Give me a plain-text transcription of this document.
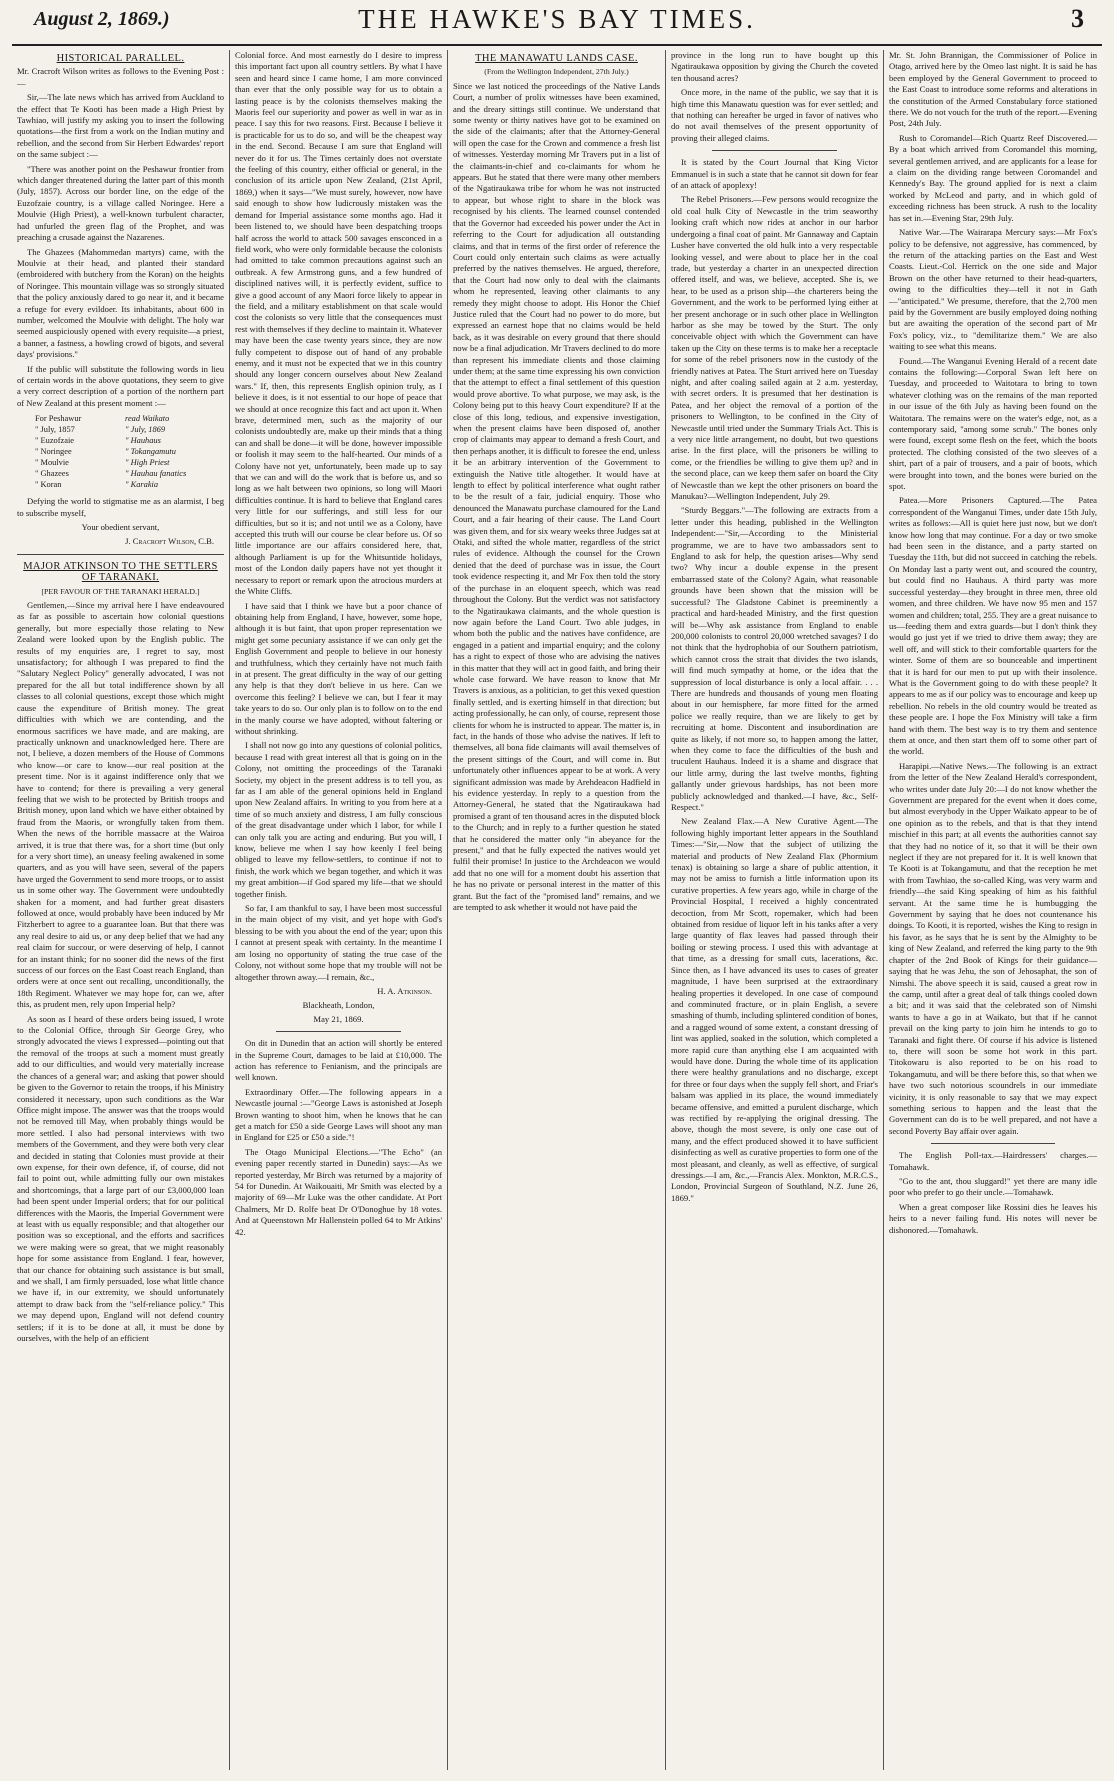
August 2, 1869.)	THE HAWKE'S BAY TIMES.	3
HISTORICAL PARALLEL.

Mr. Cracroft Wilson writes as follows to the Evening Post :—

Sir,—The late news which has arrived from Auckland to the effect that Te Kooti has been made a High Priest by Tawhiao, will justify my asking you to insert the following quotations—the first from a work on the Indian mutiny and rebellion, and the second from Sir Herbert Edwardes' report on the same subject :—

"There was another point on the Peshawur frontier from which danger threatened during the latter part of this month (July, 1857). Across our border line, on the edge of the Euzofzaie country, is a village called Noringee. Here a Moulvie (High Priest), a well-known turbulent character, had unfurled the green flag of the Prophet, and was preaching a crusade against the Nazarenes.

The Ghazees (Mahommedan martyrs) came, with the Moulvie at their head, and planted their standard (embroidered with butchery from the Koran) on the heights of Noringee. This mountain village was so strongly situated that the policy anxiously dared to go near it, and it became a refuge for every evildoer. Its inhabitants, about 600 in number, welcomed the Moulvie with delight. The holy war seemed auspiciously opened with every requisite—a priest, a banner, a fastness, a howling crowd of bigots, and several days' provisions."

If the public will substitute the following words in lieu of certain words in the above quotations, they seem to give a very correct description of a portion of the northern part of New Zealand at this present moment :—

For Peshawur	read Waikato
" July, 1857	" July, 1869
" Euzofzaie	" Hauhaus
" Noringee	" Tokangamutu
" Moulvie	" High Priest
" Ghazees	" Hauhau fanatics
" Koran	" Karakia

Defying the world to stigmatise me as an alarmist, I beg to subscribe myself,

Your obedient servant,
J. Cracroft Wilson, C.B.
MAJOR ATKINSON TO THE SETTLERS OF TARANAKI.
[PER FAVOUR OF THE TARANAKI HERALD.]

Gentlemen,—Since my arrival here I have endeavoured as far as possible to ascertain how colonial questions generally, but more especially those relating to New Zealand were looked upon by the English public. The results of my enquiries are, I regret to say, most unsatisfactory; for although I was prepared to find the "Salutary Neglect Policy" generally advocated, I was not prepared for the all but total indifference shown by all classes to all colonial questions, except those which might cause the expenditure of British money. The great difficulties with which we are contending, and the enormous sacrifices we have made, and are making, are practically unknown and unacknowledged here. There are not, I believe, a dozen members of the House of Commons who know—or care to know—our real position at the present time. Nor is it against indifference only that we have to contend; for there is prevailing a very general feeling that we wish to be protected by British troops and British money, upon land which we have either obtained by fraud from the Maoris, or wrongfully taken from them. When the news of the horrible massacre at the Wairoa arrived, it is true that there was, for a short time (but only for a very short time), an uneasy feeling awakened in some quarters, and as you will have seen, several of the papers have urged the Government to send more troops, or to assist us in some other way. The Government were undoubtedly shaken for a moment, and had further great disasters followed at once, would probably have been induced by Mr Fitzherbert to agree to a guarantee loan. But that there was any real desire to aid us, or any deep belief that we had any real claim for succour, or were deserving of help, I cannot for an instant think; for no sooner did the news of the first success of our forces on the East Coast reach England, than orders were at once sent out recalling, unconditionally, the 18th Regiment. Whatever we may hope for, can we, after this, as prudent men, rely upon Imperial help?

As soon as I heard of these orders being issued, I wrote to the Colonial Office, through Sir George Grey, who strongly advocated the views I expressed—pointing out that the removal of the troops at such a moment must greatly add to our difficulties, and would very materially increase the chances of a general war; and asking that power should be given to the Governor to retain the troops, if his Ministry considered it necessary, upon such conditions as the War Office might impose. The answer was that the troops would not be removed till May, when probably things would be more settled. I also had personal interviews with two members of the Government, and they were both very clear and decided in stating that Colonies must provide at their own expense, for their own defence, if, of course, did not fail to point out, while admitting fully our own mistakes and shortcomings, that a large part of our £3,000,000 loan had been spent under Imperial orders; that for our political differences with the Maoris, the Imperial Government were at least with us equally responsible; and that altogether our position was so exceptional, and the efforts and sacrifices we were making were so great, that we might reasonably hope for some assistance from England. I fear, however, that our chance for obtaining such assistance is but small, and we shall, I am firmly persuaded, lose what little chance we have if, in our extremity, we should unfortunately attempt to draw back from the "self-reliance policy." This we may depend upon, England will not defend country settlers; if it is to be done at all, it must be done by ourselves, with the help of an efficient

Colonial force. And most earnestly do I desire to impress this important fact upon all country settlers. By what I have seen and heard since I came home, I am more convinced than ever that the only possible way for us to obtain a lasting peace is by the colonists themselves making the Maoris feel our superiority and power as well in war as in peace. I say this for two reasons. First. Because I believe it is practicable for us to do so, and will be the cheapest way in the end. Second. Because I am sure that England will never do it for us. The Times certainly does not overstate the feeling of this country, either official or general, in the conclusion of its article upon New Zealand, (21st April, 1869,) when it says—"We must surely, however, now have said enough to show how ludicrously mistaken was the demand for Imperial assistance some months ago. Had it been listened to, we should have been despatching troops half across the world to attack 500 savages ensconced in a field work, who were only formidable because the colonists had omitted to take common precautions against such an outbreak. A few Armstrong guns, and a few hundred of disciplined natives will, it is perfectly evident, suffice to give a good account of any Maori force likely to appear in the field, and a military establishment on that scale would cost the colonists so very little that the consequences must rest with themselves if they decline to maintain it. Whatever may have been the case twenty years since, they are now fully competent to dispose out of hand of any probable enemy, and it must not be expected that we in this country should any longer concern ourselves about New Zealand wars." If, then, this represents English opinion truly, as I believe it does, is it not essential to our hope of peace that we should at once recognize this fact and act upon it. When brave, determined men, such as the majority of our colonists undoubtedly are, make up their minds that a thing can and shall be done—it will be done, however impossible or foolish it may seem to the half-hearted. Our minds of a Colony have not yet, unfortunately, been made up to say that we can and will do the work that is before us, and so long as we halt between two opinions, so long will Maori difficulties continue. It is hard to believe that England cares very little for our sufferings, and still less for our difficulties, but so it is; and not until we as a Colony, have accepted this truth will our course be clear before us. Of so little importance are our affairs considered here, that, although Parliament is up for the Whitsuntide holidays, most of the London daily papers have not yet thought it necessary to report or remark upon the atrocious murders at the White Cliffs.

I have said that I think we have but a poor chance of obtaining help from England, I have, however, some hope, although it is but faint, that upon proper representation we might get some pecuniary assistance if we can only get the English Government and people to believe in our honesty and truthfulness, which they certainly have not much faith in at present. The great difficulty in the way of our getting any help is that they don't believe in us here. Can we overcome this feeling? I believe we can, but I fear it may take years to do so. Our only plan is to follow on to the end in the manly course we have adopted, without faltering or without shrinking.

I shall not now go into any questions of colonial politics, because I read with great interest all that is going on in the Colony, not omitting the proceedings of the Taranaki Society, my object in the present address is to tell you, as far as I am able of the general opinions held in England upon New Zealand affairs. In writing to you from here at a time of so much anxiety and distress, I am fully conscious of the great disadvantage under which I labor, for while I can only talk you are acting and enduring. But you will, I know, believe me when I say how keenly I feel being obliged to leave my fellow-settlers, to continue if not to finish, the work which we began together, and which it was my great ambition—if God spared my life—that we should together finish.

So far, I am thankful to say, I have been most successful in the main object of my visit, and yet hope with God's blessing to be with you about the end of the year; upon this I cannot at present speak with certainty. In the meantime I am losing no opportunity of stating the true case of the Colony, not without some hope that my trouble will not be altogether thrown away.—I remain, &c.,

H. A. Atkinson.
Blackheath, London,
May 21, 1869.

On dit in Dunedin that an action will shortly be entered in the Supreme Court, damages to be laid at £10,000. The action has reference to Fenianism, and the principals are well known.

Extraordinary Offer.—The following appears in a Newcastle journal :—"George Laws is astonished at Joseph Brown wanting to shoot him, when he knows that he can get a match for £50 a side George Laws will shoot any man in England for £25 or £50 a side."!

The Otago Municipal Elections.—"The Echo" (an evening paper recently started in Dunedin) says:—As we reported yesterday, Mr Birch was returned by a majority of 54 for Dunedin. At Waikouaiti, Mr Smith was elected by a majority of 69—Mr Luke was the other candidate. At Port Chalmers, Mr D. Rolfe beat Dr O'Donoghue by 18 votes. And at Queenstown Mr Hallenstein polled 64 to Mr Atkins' 42.

THE MANAWATU LANDS CASE.
(From the Wellington Independent, 27th July.)

Since we last noticed the proceedings of the Native Lands Court, a number of prolix witnesses have been examined, and the dreary sittings still continue. We understand that some twenty or thirty natives have got to be examined on the side of the claimants; after that the Attorney-General will open the case for the Crown and commence a fresh list of witnesses. Yesterday morning Mr Travers put in a list of the claimants-in-chief and co-claimants for whom he appears. But he stated that there were many other members of the Ngatiraukawa tribe for whom he was not instructed to appear, but whose right to share in the block was recognised by his clients. The learned counsel contended that the Governor had exceeded his power under the Act in referring to the Court for adjudication all outstanding claims, and that in terms of the first order of reference the Court could only entertain such claims as were actually preferred by the natives themselves. He argued, therefore, that the Court had now only to deal with the claimants whom he represented, leaving other claimants to any remedy they might choose to adopt. His Honor the Chief Justice ruled that the Court had no power to do more, but expressed an earnest hope that no claims would be held back, as it was desirable on every ground that there should now be a final adjudication. Mr Travers declined to do more than represent his immediate clients and those claiming under them; at the same time expressing his own conviction that the attempt to effect a final settlement of this question would prove abortive. To what purpose, we may ask, is the Colony being put to this heavy Court expenditure? If at the close of this long, tedious, and expensive investigation, when the present claims have been disposed of, another crop of claimants may appear to demand a fresh Court, and then perhaps another, it is difficult to foresee the end, unless it be an arbitrary intervention of the Government to extinguish the Native title altogether. It would have at length to effect by political interference what ought rather to be the result of a fair, judicial enquiry. Those who denounced the Manawatu purchase clamoured for the Land Court, and a fair hearing of their cause. The Land Court was given them, and for six weary weeks three Judges sat at Otaki, and sifted the whole matter, regardless of the strict rules of evidence. Although the counsel for the Crown denied that the deed of purchase was in issue, the Court took evidence respecting it, and Mr Fox then told the story of the purchase in an eloquent speech, which was read throughout the Colony. But the verdict was not satisfactory to the Ngatiraukawa claimants, and the whole question is now again before the Land Court. Two able judges, in whom both the public and the natives have confidence, are engaged in a patient and impartial enquiry; and the colony has a right to expect of those who are advising the natives in this matter that they will act in good faith, and bring their whole case forward. We have reason to know that Mr Travers is anxious, as a politician, to get this vexed question finally settled, and is exerting himself in that direction; but acting professionally, he can only, of course, represent those clients for whom he is instructed to appear. The matter is, in fact, in the hands of those who advise the natives. If left to themselves, all bona fide claimants will avail themselves of the present sittings of the Court, and will come in. But unfortunately other influences appear to be at work. A very significant admission was made by Arehdeacon Hadfield in his evidence yesterday. In reply to a question from the Attorney-General, he stated that the Ngatiraukawa had promised a grant of ten thousand acres in the disputed block to the Church; and in reply to a further question he stated that he considered the matter only "in abeyance for the present," and that he fully expected the natives would yet fulfil their promise! In justice to the Archdeacon we would add that no one will for a moment doubt his assertion that he has no private or personal interest in the matter of this grant. But the fact of the "promised land" remains, and we are tempted to ask whether it would not have paid the

province in the long run to have bought up this Ngatiraukawa opposition by giving the Church the coveted ten thousand acres?

Once more, in the name of the public, we say that it is high time this Manawatu question was for ever settled; and that nothing can hereafter be urged in favor of natives who do not avail themselves of the present opportunity of proving their alleged claims.

It is stated by the Court Journal that King Victor Emmanuel is in such a state that he cannot sit down for fear of an attack of apoplexy!

The Rebel Prisoners.—Few persons would recognize the old coal hulk City of Newcastle in the trim seaworthy looking craft which now rides at anchor in our harbor undergoing a final coat of paint. Mr Gannaway and Captain Lusher have converted the old hulk into a very respectable looking vessel, and were about to place her in the coal trade, but yesterday a charter in an unexpected direction offered itself, and was, we believe, accepted. She is, we hear, to be used as a prison ship—the charterers being the Government, and the work to be performed lying either at her present anchorage or in such other place in Wellington harbor as she may be towed by the Sturt. The only conceivable object with which the Government can have taken up the City on these terms is to make her a receptacle for some of the rebel prisoners now in the custody of the friendly natives at Patea. The Sturt arrived here on Tuesday night, and after coaling sailed again at 2 a.m. yesterday, with secret orders. It is presumed that her destination is Patea, and her object the removal of a portion of the prisoners to Wellington, to be confined in the City of Newcastle until tried under the Summary Trials Act. This is a very nice little arrangement, no doubt, but two questions arise. In the first place, will the prisoners be willing to come, or the friendlies be willing to give them up? and in the second place, can we keep them safer on board the City of Newcastle than we kept the other prisoners on board the Manukau?—Wellington Independent, July 29.

"Sturdy Beggars."—The following are extracts from a letter under this heading, published in the Wellington Independent:—"Sir,—According to the Ministerial programme, we are to have two ambassadors sent to England to ask for help, the question arises—Why send two? Why incur a double expense in the present embarrassed state of the Colony? Again, what reasonable grounds have been shown that the mission will be successful? The Gladstone Cabinet is preeminently a practical and hard-headed Ministry, and the first question will be—Why ask assistance from England to enable 200,000 colonists to control 20,000 wretched savages? I do not think that the hydrophobia of our Southern patriotism, which cannot cross the strait that divides the two islands, will find much sympathy at home, or the idea that the suppression of local disturbance is only a local affair. . . . There are hundreds and thousands of young men floating about in our hemisphere, far more fitted for the armed police we really require, than we are likely to get by recruiting at home. Discontent and insubordination are quite as likely, if not more so, to happen among the latter, when they come to face the difficulties of the bush and truculent Hauhaus. Indeed it is a shame and disgrace that our little army, during the last twelve months, fighting gallantly under grievous hardships, has not been more publicly acknowledged and thanked.—I have, &c., Self-Respect."

New Zealand Flax.—A New Curative Agent.—The following highly important letter appears in the Southland Times:—"Sir,—Now that the subject of utilizing the material and products of New Zealand Flax (Phormium tenax) is obtaining so large a share of public attention, it may not be amiss to furnish a little information upon its curative properties. A few years ago, while in charge of the Provincial Hospital, I received a highly concentrated decoction, from Mr Scott, ropemaker, which had been obtained from residue of liquor left in his tanks after a very large quantity of flax leaves had passed through their boiling or stewing process. I used this with advantage at that time, as a dressing for small cuts, lacerations, &c. Since then, as I have advanced its uses to cases of greater magnitude, I have been surprised at the extraordinary healing properties it developed. In one case of compound and comminuted fracture, or in plain English, a severe smashing of thumb, including splintered condition of bones, and a ragged wound of some extent, a constant dressing of lint was applied, soaked in the solution, which completed a more rapid cure than anything else I am acquainted with would have done. During the whole time of its application there were healthy granulations and no discharge, except for three or four days when the supply fell short, and Friar's balsam was applied in its place, the wound immediately became offensive, and emitted a purulent discharge, which was rectified by re-applying the original dressing. The above, though the most severe, is only one case out of many, and the effect produced showed it to have sufficient disinfecting as well as curative properties to form one of the most pleasant, and cleanly, as well as effective, of surgical dressings.—I am, &c.,—Francis Alex. Monkton, M.R.C.S., London, Provincial Surgeon of Southland, N.Z. June 26, 1869."

Mr. St. John Brannigan, the Commissioner of Police in Otago, arrived here by the Omeo last night. It is said he has been employed by the General Government to proceed to the East Coast to introduce some reforms and alterations in the constitution of the Armed Constabulary force stationed there. We do not vouch for the truth of the report.—Evening Post, 24th July.

Rush to Coromandel—Rich Quartz Reef Discovered.—By a boat which arrived from Coromandel this morning, several gentlemen arrived, and are applicants for a lease for a claim on the dividing range between Coromandel and Kennedy's Bay. The ground applied for is next a claim worked by McLeod and party, and in which gold of exceeding richness has been struck. A rush to the locality has set in.—Evening Star, 29th July.

Native War.—The Wairarapa Mercury says:—Mr Fox's policy to be defensive, not aggressive, has commenced, by the return of the attacking parties on the East and West Coasts. Lieut.-Col. Herrick on the one side and Major Brown on the other have returned to their head-quarters, owing to the difficulties they—tell it not in Gath—"anticipated." We presume, therefore, that the 2,700 men paid by the Government are busily employed doing nothing but are awaiting the operation of the second part of Mr Fox's policy, viz., to "demilitarize them." We are also waiting to see what this means.

Found.—The Wanganui Evening Herald of a recent date contains the following:—Corporal Swan left here on Tuesday, and proceeded to Waitotara to bring to town whatever clothing was on the remains of the man reported in our issue of the 6th July as having been found on the Waitotara. The remains were on the water's edge, not, as a contemporary said, "among some scrub." The bones only were found, except some flesh on the feet, which the boots protected. The clothing consisted of the two sleeves of a shirt, part of a pair of trousers, and a pair of boots, which were brought into town, and the bones were buried on the spot.

Patea.—More Prisoners Captured.—The Patea correspondent of the Wanganui Times, under date 15th July, writes as follows:—All is quiet here just now, but we don't know how long that may continue. For a day or two smoke had been seen in the distance, and a party started on Tuesday the 11th, but did not succeed in catching the rebels. On Monday last a party went out, and scoured the country, but could find no Hauhaus. A third party was more successful yesterday—they brought in three men, three old women, and three children. We have now 95 men and 157 women and children; total, 255. They are a great nuisance to us—feeding them and extra guards—but I don't think they would go just yet if we tried to drive them away; they are well off, and will stick to their comfortable quarters for the winter. Some of them are so bounceable and impertinent that it is hard for our men to put up with their insolence. What is the Government going to do with these people? It appears to me as if our policy was to encourage and keep up rebellion. No rebels in the old country would be treated as these people are. I hope the Fox Ministry will take a firm hand with them. The best way is to try them and sentence them at once, and then start them off to some other part of the world.

Harapipi.—Native News.—The following is an extract from the letter of the New Zealand Herald's correspondent, who writes under date July 20:—I do not know whether the Government are prepared for the event when it does come, but almost everybody in the Upper Waikato appear to be of one opinion as to the rebels, and that is that they intend mischief in this part; at all events the authorities cannot say that they had no notice of it, so that it will be their own neglect if they are not prepared for it. It is well known that Te Kooti is at Tokangamutu, and that the reception he met with from Tawhiao, the so-called King, was very warm and friendly—the said King speaking of him as his faithful servant. At the same time he is humbugging the Government by saying that he does not countenance his doings. To Kooti, it is reported, wishes the King to resign in his favor, as he says that he is sent by the Almighty to be king of New Zealand, and referred the king party to the 9th chapter of the 2nd Book of Kings for their guidance—saying that he was Jehu, the son of Jehosaphat, the son of Nimshi. The above speech it is said, caused a great row in the camp, until after a great deal of talk things cooled down a bit; and it was said that the celebrated son of Nimshi wants to have a go in at Waikato, but that if he cannot prevail on the king party to join him he intends to go to Taranaki and fight there. Of course if his advice is listened to, there will soon be some hot work in this part. Titokowaru is also reported to be on his road to Tokangamutu, and will be there before this, so that when we have two such notorious scoundrels in our immediate vicinity, it is only reasonable to say that we may expect something serious to happen and the least that the Government can do is to be well prepared, and not have a second Poverty Bay affair over again.

The English Poll-tax.—Hairdressers' charges.—Tomahawk.

"Go to the ant, thou sluggard!" yet there are many idle poor who prefer to go their uncle.—Tomahawk.

When a great composer like Rossini dies he leaves his heirs to a never failing fund. His notes will never be dishonored.—Tomahawk.
